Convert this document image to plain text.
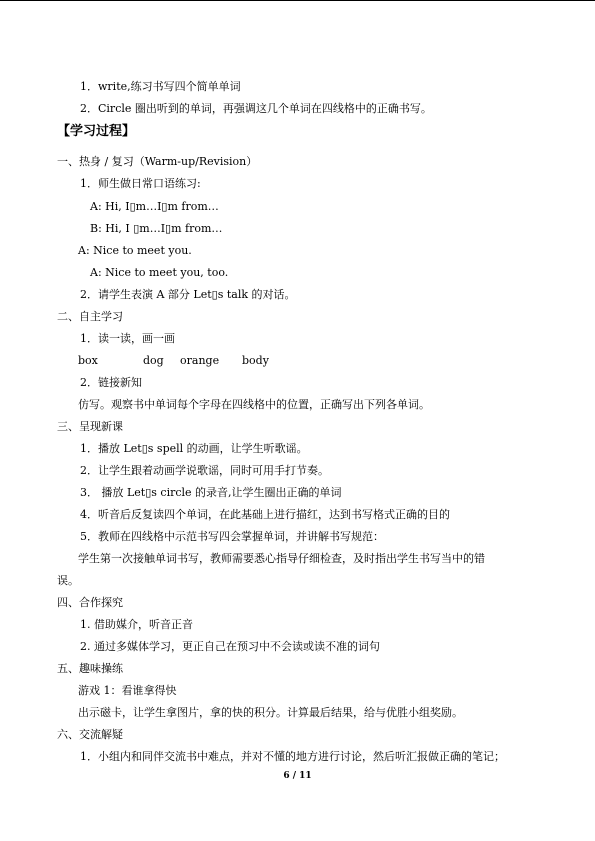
1．write,练习书写四个简单单词
2．Circle 圈出听到的单词，再强调这几个单词在四线格中的正确书写。
【学习过程】
一、热身 / 复习（Warm-up/Revision）
1．师生做日常口语练习:
A: Hi, I▯m…I▯m from…
B: Hi, I ▯m…I▯m from…
A: Nice to meet you.
A: Nice to meet you, too.
2．请学生表演 A 部分 Let▯s talk 的对话。
二、自主学习
1．读一读，画一画
box	dog orange body
2．链接新知
仿写。观察书中单词每个字母在四线格中的位置，正确写出下列各单词。
三、呈现新课
1．播放 Let▯s spell 的动画，让学生听歌谣。
2．让学生跟着动画学说歌谣，同时可用手打节奏。
3． 播放 Let▯s circle 的录音,让学生圈出正确的单词
4．听音后反复读四个单词，在此基础上进行描红，达到书写格式正确的目的
5．教师在四线格中示范书写四会掌握单词，并讲解书写规范：
学生第一次接触单词书写，教师需要悉心指导仔细检查，及时指出学生书写当中的错
误。
四、合作探究
1. 借助媒介，听音正音
2. 通过多媒体学习，更正自己在预习中不会读或读不准的词句
五、趣味操练
游戏 1：看谁拿得快
出示磁卡，让学生拿图片，拿的快的积分。计算最后结果，给与优胜小组奖励。
六、交流解疑
1．小组内和同伴交流书中难点，并对不懂的地方进行讨论，然后听汇报做正确的笔记；
6 / 11
